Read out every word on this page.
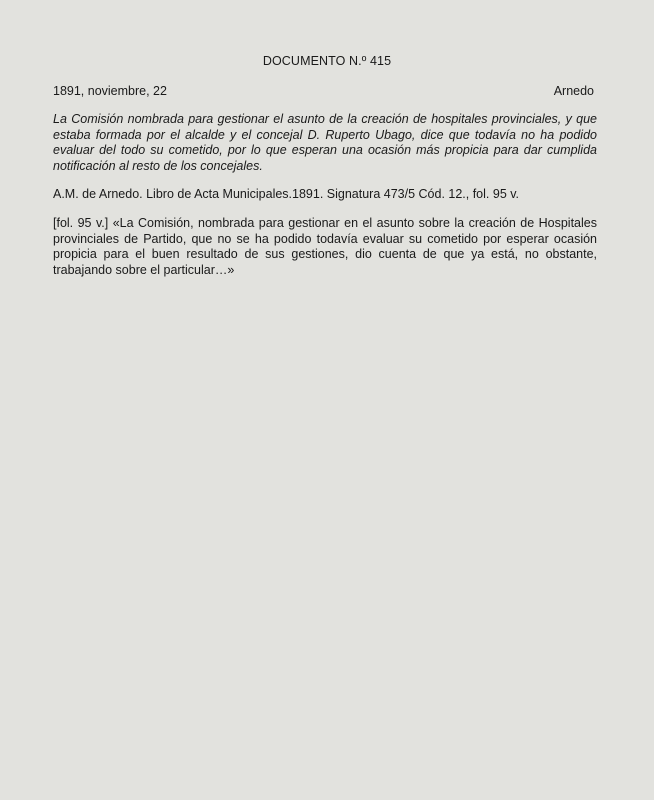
DOCUMENTO N.º 415
1891, noviembre, 22	Arnedo

La Comisión nombrada para gestionar el asunto de la creación de hospitales provinciales, y que estaba formada por el alcalde y el concejal D. Ruperto Ubago, dice que todavía no ha podido evaluar del todo su cometido, por lo que esperan una ocasión más propicia para dar cumplida notificación al resto de los concejales.

A.M. de Arnedo. Libro de Acta Municipales.1891. Signatura 473/5 Cód. 12., fol. 95 v.

[fol. 95 v.] «La Comisión, nombrada para gestionar en el asunto sobre la creación de Hospitales provinciales de Partido, que no se ha podido todavía evaluar su cometido por esperar ocasión propicia para el buen resultado de sus gestiones, dio cuenta de que ya está, no obstante, trabajando sobre el particular…»
